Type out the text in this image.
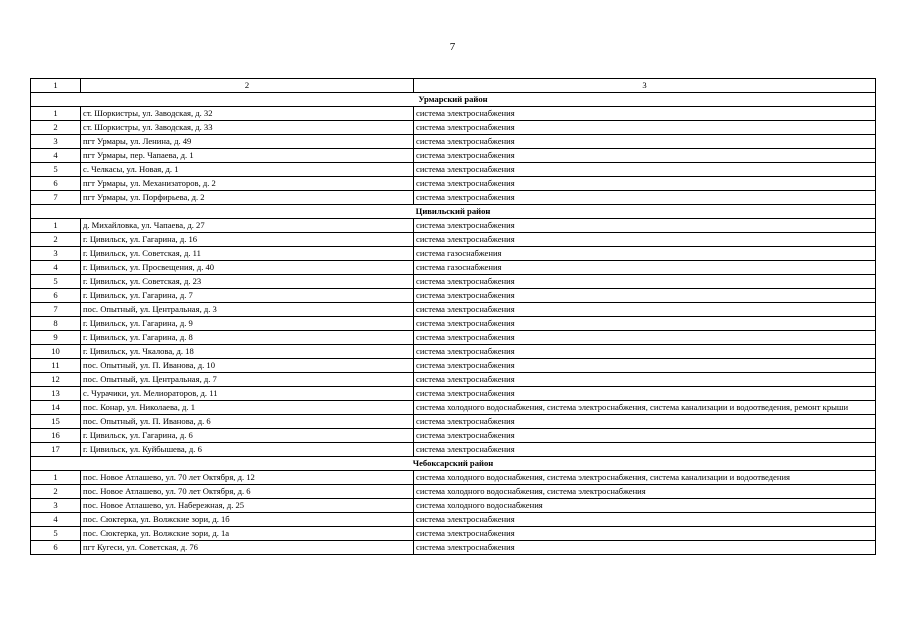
7
1	2	3
Урмарский район		
1	ст. Шоркистры, ул. Заводская, д. 32	система электроснабжения
2	ст. Шоркистры, ул. Заводская, д. 33	система электроснабжения
3	пгт Урмары, ул. Ленина, д. 49	система электроснабжения
4	пгт Урмары, пер. Чапаева, д. 1	система электроснабжения
5	с. Челкасы, ул. Новая, д. 1	система электроснабжения
6	пгт Урмары, ул. Механизаторов, д. 2	система электроснабжения
7	пгт Урмары, ул. Порфирьева, д. 2	система электроснабжения
Цивильский район		
1	д. Михайловка, ул. Чапаева, д. 27	система электроснабжения
2	г. Цивильск, ул. Гагарина, д. 16	система электроснабжения
3	г. Цивильск, ул. Советская, д. 11	система газоснабжения
4	г. Цивильск, ул. Просвещения, д. 40	система газоснабжения
5	г. Цивильск, ул. Советская, д. 23	система электроснабжения
6	г. Цивильск, ул. Гагарина, д. 7	система электроснабжения
7	пос. Опытный, ул. Центральная, д. 3	система электроснабжения
8	г. Цивильск, ул. Гагарина, д. 9	система электроснабжения
9	г. Цивильск, ул. Гагарина, д. 8	система электроснабжения
10	г. Цивильск, ул. Чкалова, д. 18	система электроснабжения
11	пос. Опытный, ул. П. Иванова, д. 10	система электроснабжения
12	пос. Опытный, ул. Центральная, д. 7	система электроснабжения
13	с. Чурачики, ул. Мелиораторов, д. 11	система электроснабжения
14	пос. Конар, ул. Николаева, д. 1	система холодного водоснабжения, система электроснабжения, система канализации и водоотведения, ремонт крыши
15	пос. Опытный, ул. П. Иванова, д. 6	система электроснабжения
16	г. Цивильск, ул. Гагарина, д. 6	система электроснабжения
17	г. Цивильск, ул. Куйбышева, д. 6	система электроснабжения
Чебоксарский район		
1	пос. Новое Атлашево, ул. 70 лет Октября, д. 12	система холодного водоснабжения, система электроснабжения, система канализации и водоотведения
2	пос. Новое Атлашево, ул. 70 лет Октября, д. 6	система холодного водоснабжения, система электроснабжения
3	пос. Новое Атлашево, ул. Набережная, д. 25	система холодного водоснабжения
4	пос. Сюктерка, ул. Волжские зори, д. 1б	система электроснабжения
5	пос. Сюктерка, ул. Волжские зори, д. 1а	система электроснабжения
6	пгт Кугеси, ул. Советская, д. 76	система электроснабжения
